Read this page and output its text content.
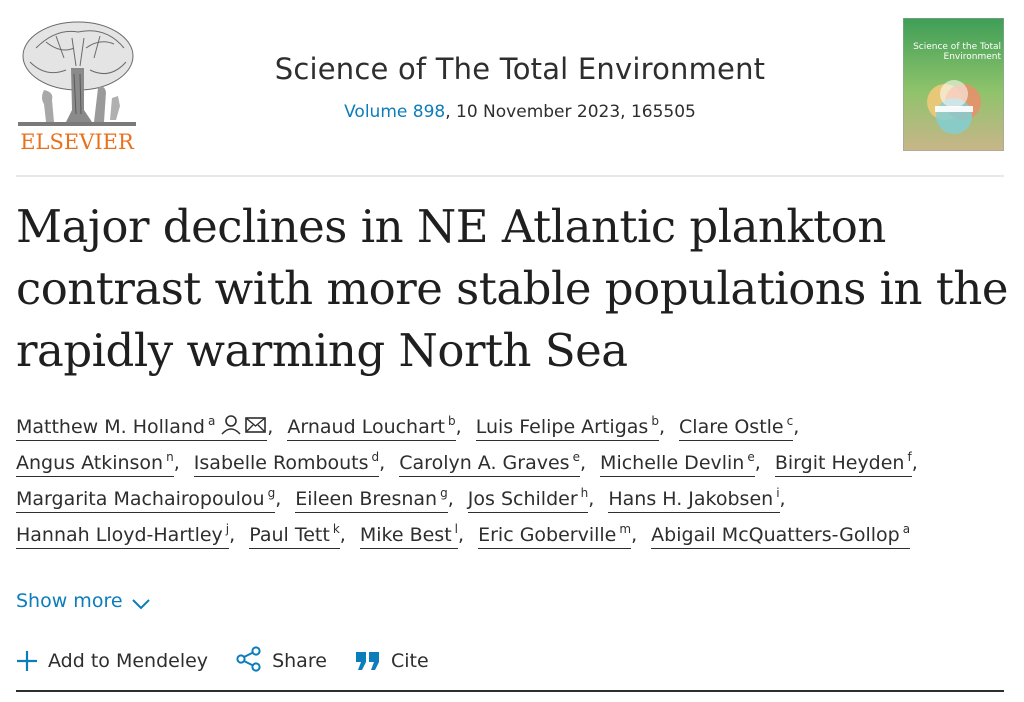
ELSEVIER
Science of The Total Environment
Volume 898, 10 November 2023, 165505
Science of the Total Environment
Major declines in NE Atlantic plankton contrast with more stable populations in the rapidly warming North Sea
Matthew M. Holland $^a$	, Arnaud Louchart $^b$, Luis Felipe Artigas $^b$, Clare Ostle $^c$,
Angus Atkinson $^n$, Isabelle Rombouts $^d$, Carolyn A. Graves $^e$, Michelle Devlin $^e$, Birgit Heyden $^f$,
Margarita Machairopoulou $^g$, Eileen Bresnan $^g$, Jos Schilder $^h$, Hans H. Jakobsen $^i$,
Hannah Lloyd-Hartley $^j$, Paul Tett $^k$, Mike Best $^l$, Eric Goberville $^m$, Abigail McQuatters-Gollop $^a$
Show more
Add to Mendeley	Share	Cite
